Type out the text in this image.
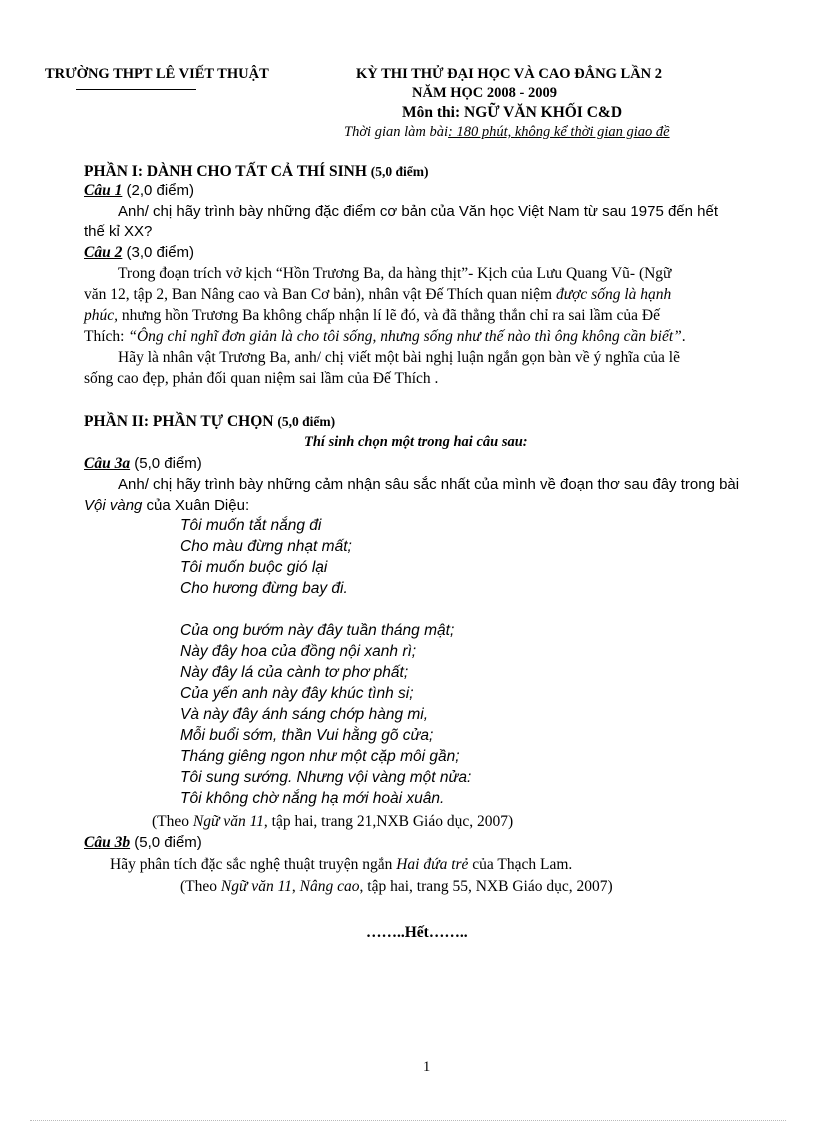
TRƯỜNG THPT LÊ VIẾT THUẬT	KỲ THI THỬ ĐẠI HỌC VÀ CAO ĐẲNG LẦN 2
NĂM HỌC 2008 - 2009
Môn thi: NGỮ VĂN KHỐI C&D
Thời gian làm bài: 180 phút, không kể thời gian giao đề
PHẦN I: DÀNH CHO TẤT CẢ THÍ SINH (5,0 điểm)
Câu 1 (2,0 điểm)
Anh/ chị hãy trình bày những đặc điểm cơ bản của Văn học Việt Nam từ sau 1975 đến hết
thế kỉ XX?
Câu 2 (3,0 điểm)
Trong đoạn trích vở kịch “Hồn Trương Ba, da hàng thịt”- Kịch của Lưu Quang Vũ- (Ngữ
văn 12, tập 2, Ban Nâng cao và Ban Cơ bản), nhân vật Đế Thích quan niệm được sống là hạnh
phúc, nhưng hồn Trương Ba không chấp nhận lí lẽ đó, và đã thẳng thắn chỉ ra sai lầm của Đế
Thích: “Ông chỉ nghĩ đơn giản là cho tôi sống, nhưng sống như thế nào thì ông không cần biết”.
Hãy là nhân vật Trương Ba, anh/ chị viết một bài nghị luận ngắn gọn bàn về ý nghĩa của lẽ
sống cao đẹp, phản đối quan niệm sai lầm của Đế Thích .
PHẦN II: PHẦN TỰ CHỌN (5,0 điểm)
Thí sinh chọn một trong hai câu sau:
Câu 3a (5,0 điểm)
Anh/ chị hãy trình bày những cảm nhận sâu sắc nhất của mình về đoạn thơ sau đây trong bài
Vội vàng của Xuân Diệu:
Tôi muốn tắt nắng đi
Cho màu đừng nhạt mất;
Tôi muốn buộc gió lại
Cho hương đừng bay đi.
Của ong bướm này đây tuần tháng mật;
Này đây hoa của đồng nội xanh rì;
Này đây lá của cành tơ phơ phất;
Của yến anh này đây khúc tình si;
Và này đây ánh sáng chớp hàng mi,
Mỗi buổi sớm, thần Vui hằng gõ cửa;
Tháng giêng ngon như một cặp môi gần;
Tôi sung sướng. Nhưng vội vàng một nửa:
Tôi không chờ nắng hạ mới hoài xuân.
(Theo Ngữ văn 11, tập hai, trang 21,NXB Giáo dục, 2007)
Câu 3b (5,0 điểm)
Hãy phân tích đặc sắc nghệ thuật truyện ngắn Hai đứa trẻ của Thạch Lam.
(Theo Ngữ văn 11, Nâng cao, tập hai, trang 55, NXB Giáo dục, 2007)
……..Hết……..
1
